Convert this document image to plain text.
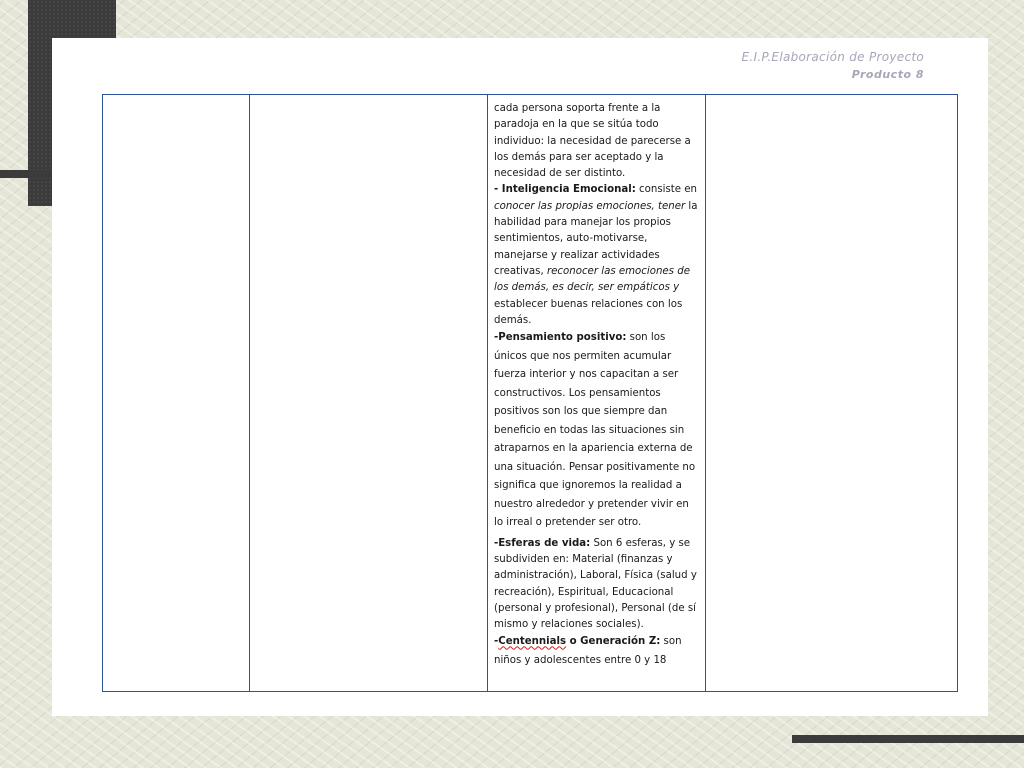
E.I.P.Elaboración de Proyecto
Producto 8

cada persona soporta frente a la paradoja en la que se sitúa todo individuo: la necesidad de parecerse a los demás para ser aceptado y la necesidad de ser distinto.

- Inteligencia Emocional: consiste en conocer las propias emociones, tener la habilidad para manejar los propios sentimientos, auto-motivarse, manejarse y realizar actividades creativas, reconocer las emociones de los demás, es decir, ser empáticos y establecer buenas relaciones con los demás.

-Pensamiento positivo: son los únicos que nos permiten acumular fuerza interior y nos capacitan a ser constructivos. Los pensamientos positivos son los que siempre dan beneficio en todas las situaciones sin atraparnos en la apariencia externa de una situación. Pensar positivamente no significa que ignoremos la realidad a nuestro alrededor y pretender vivir en lo irreal o pretender ser otro.

-Esferas de vida: Son 6 esferas, y se subdividen en: Material (finanzas y administración), Laboral, Física (salud y recreación), Espiritual, Educacional (personal y profesional), Personal (de sí mismo y relaciones sociales).

-Centennials o Generación Z: son niños y adolescentes entre 0 y 18
